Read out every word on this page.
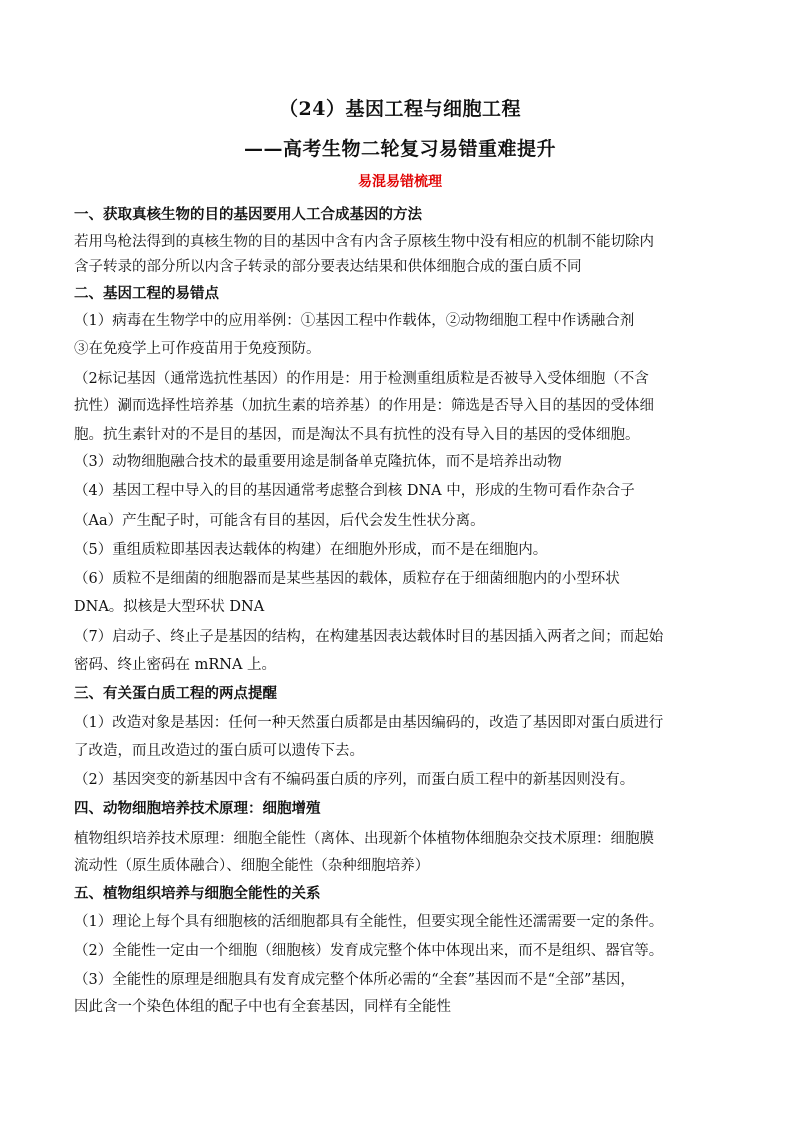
（24）基因工程与细胞工程
——高考生物二轮复习易错重难提升
易混易错梳理
一、获取真核生物的目的基因要用人工合成基因的方法
若用鸟枪法得到的真核生物的目的基因中含有内含子原核生物中没有相应的机制不能切除内
含子转录的部分所以内含子转录的部分要表达结果和供体细胞合成的蛋白质不同
二、基因工程的易错点
（1）病毒在生物学中的应用举例：①基因工程中作载体，②动物细胞工程中作诱融合剂
③在免疫学上可作疫苗用于免疫预防。
（2标记基因（通常选抗性基因）的作用是：用于检测重组质粒是否被导入受体细胞（不含
抗性）涮而选择性培养基（加抗生素的培养基）的作用是：筛选是否导入目的基因的受体细
胞。抗生素针对的不是目的基因，而是淘汰不具有抗性的没有导入目的基因的受体细胞。
（3）动物细胞融合技术的最重要用途是制备单克隆抗体，而不是培养出动物
（4）基因工程中导入的目的基因通常考虑整合到核 DNA 中，形成的生物可看作杂合子
（Aa）产生配子时，可能含有目的基因，后代会发生性状分离。
（5）重组质粒即基因表达载体的构建）在细胞外形成，而不是在细胞内。
（6）质粒不是细菌的细胞器而是某些基因的载体，质粒存在于细菌细胞内的小型环状
DNA。拟核是大型环状 DNA
（7）启动子、终止子是基因的结构，在构建基因表达载体时目的基因插入两者之间；而起始
密码、终止密码在 mRNA 上。
三、有关蛋白质工程的两点提醒
（1）改造对象是基因：任何一种天然蛋白质都是由基因编码的，改造了基因即对蛋白质进行
了改造，而且改造过的蛋白质可以遗传下去。
（2）基因突变的新基因中含有不编码蛋白质的序列，而蛋白质工程中的新基因则没有。
四、动物细胞培养技术原理：细胞增殖
植物组织培养技术原理：细胞全能性（离体、出现新个体植物体细胞杂交技术原理：细胞膜
流动性（原生质体融合）、细胞全能性（杂种细胞培养）
五、植物组织培养与细胞全能性的关系
（1）理论上每个具有细胞核的活细胞都具有全能性，但要实现全能性还濡需要一定的条件。
（2）全能性一定由一个细胞（细胞核）发育成完整个体中体现出来，而不是组织、器官等。
（3）全能性的原理是细胞具有发育成完整个体所必需的“全套”基因而不是“全部”基因，
因此含一个染色体组的配子中也有全套基因，同样有全能性
